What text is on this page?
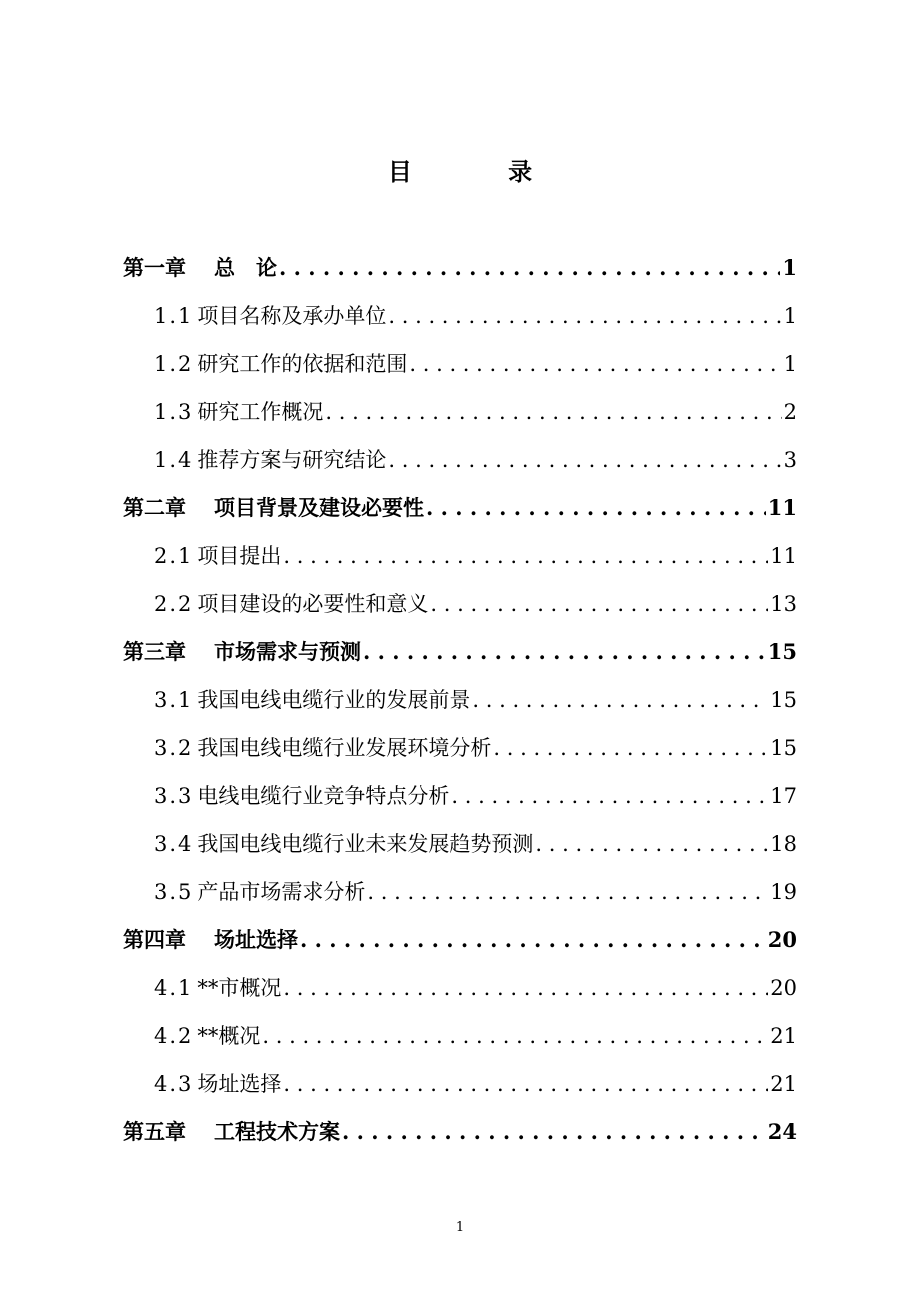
目 录
第一章 总　论 . . .	1
1.1 项目名称及承办单位 . . .	1
1.2 研究工作的依据和范围 . . .	1
1.3 研究工作概况 . . .	2
1.4 推荐方案与研究结论 . . .	3
第二章 项目背景及建设必要性 . . .	11
2.1 项目提出 . . .	11
2.2 项目建设的必要性和意义 . . .	13
第三章 市场需求与预测 . . .	15
3.1 我国电线电缆行业的发展前景 . . .	15
3.2 我国电线电缆行业发展环境分析 . . .	15
3.3 电线电缆行业竞争特点分析 . . .	17
3.4 我国电线电缆行业未来发展趋势预测 . . .	18
3.5 产品市场需求分析 . . .	19
第四章 场址选择 . . .	20
4.1 **市概况 . . .	20
4.2 **概况 . . .	21
4.3 场址选择 . . .	21
第五章 工程技术方案 . . .	24
1
